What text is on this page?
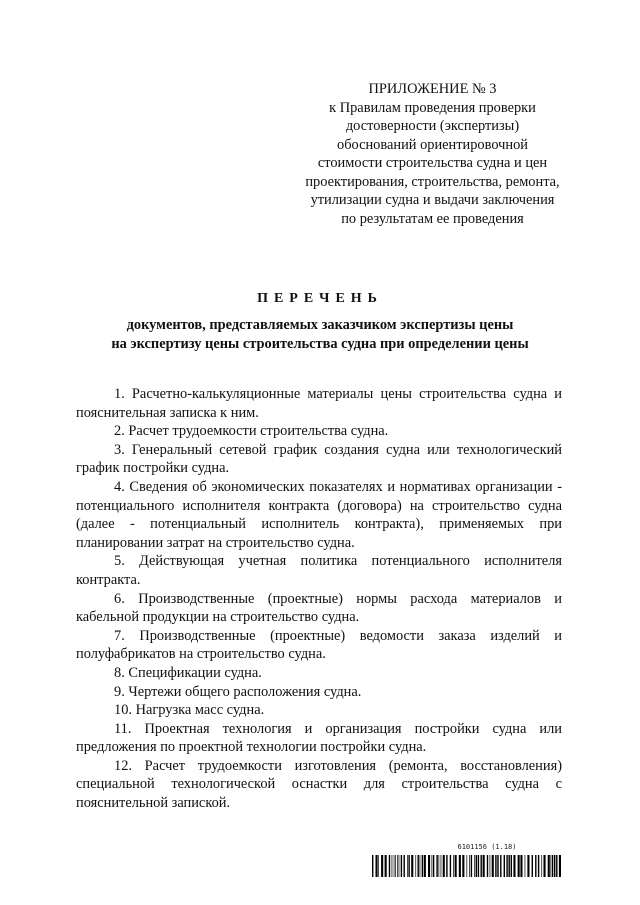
ПРИЛОЖЕНИЕ № 3
к Правилам проведения проверки
достоверности (экспертизы)
обоснований ориентировочной
стоимости строительства судна и цен
проектирования, строительства, ремонта,
утилизации судна и выдачи заключения
по результатам ее проведения
ПЕРЕЧЕНЬ
документов, представляемых заказчиком экспертизы цены
на экспертизу цены строительства судна при определении цены

1. Расчетно-калькуляционные материалы цены строительства судна и пояснительная записка к ним.

2. Расчет трудоемкости строительства судна.

3. Генеральный сетевой график создания судна или технологический график постройки судна.

4. Сведения об экономических показателях и нормативах организации - потенциального исполнителя контракта (договора) на строительство судна (далее - потенциальный исполнитель контракта), применяемых при планировании затрат на строительство судна.

5. Действующая учетная политика потенциального исполнителя контракта.

6. Производственные (проектные) нормы расхода материалов и кабельной продукции на строительство судна.

7. Производственные (проектные) ведомости заказа изделий и полуфабрикатов на строительство судна.

8. Спецификации судна.

9. Чертежи общего расположения судна.

10. Нагрузка масс судна.

11. Проектная технология и организация постройки судна или предложения по проектной технологии постройки судна.

12. Расчет трудоемкости изготовления (ремонта, восстановления) специальной технологической оснастки для строительства судна с пояснительной запиской.

6101156 (1.18)
